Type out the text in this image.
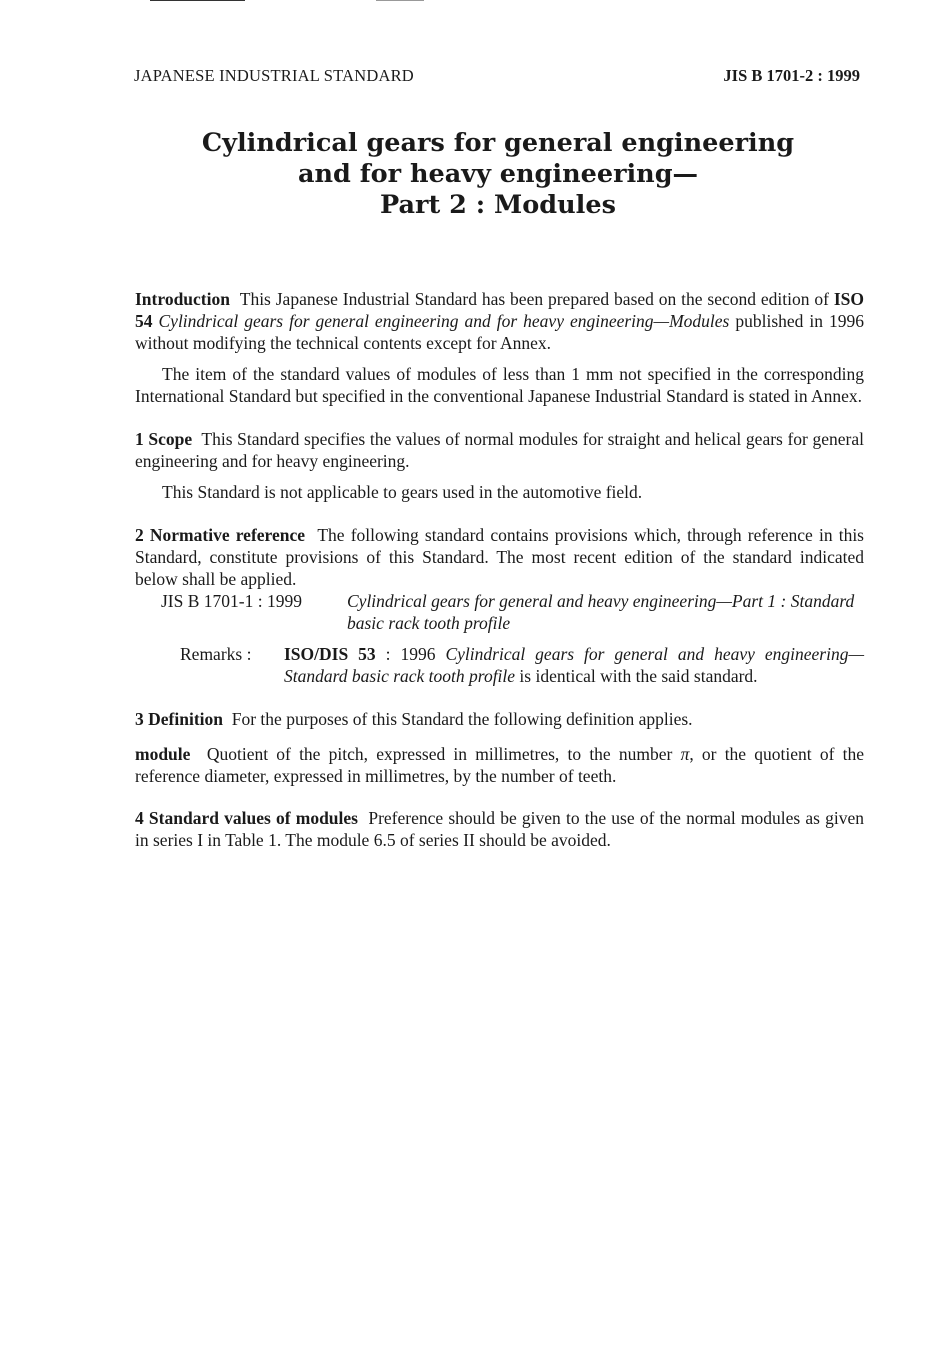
JAPANESE INDUSTRIAL STANDARD	JIS B 1701-2 : 1999
Cylindrical gears for general engineering
and for heavy engineering—
Part 2 : Modules

Introduction This Japanese Industrial Standard has been prepared based on the second edition of ISO 54 Cylindrical gears for general engineering and for heavy engineering—Modules published in 1996 without modifying the technical contents except for Annex.

The item of the standard values of modules of less than 1 mm not specified in the corresponding International Standard but specified in the conventional Japanese Industrial Standard is stated in Annex.

1 Scope This Standard specifies the values of normal modules for straight and helical gears for general engineering and for heavy engineering.

This Standard is not applicable to gears used in the automotive field.

2 Normative reference The following standard contains provisions which, through reference in this Standard, constitute provisions of this Standard. The most recent edition of the standard indicated below shall be applied.

JIS B 1701-1 : 1999	Cylindrical gears for general and heavy engineering—Part 1 : Standard basic rack tooth profile
Remarks :	ISO/DIS 53 : 1996 Cylindrical gears for general and heavy engineering—Standard basic rack tooth profile is identical with the said standard.

3 Definition For the purposes of this Standard the following definition applies.

module Quotient of the pitch, expressed in millimetres, to the number π, or the quotient of the reference diameter, expressed in millimetres, by the number of teeth.

4 Standard values of modules Preference should be given to the use of the normal modules as given in series I in Table 1. The module 6.5 of series II should be avoided.
